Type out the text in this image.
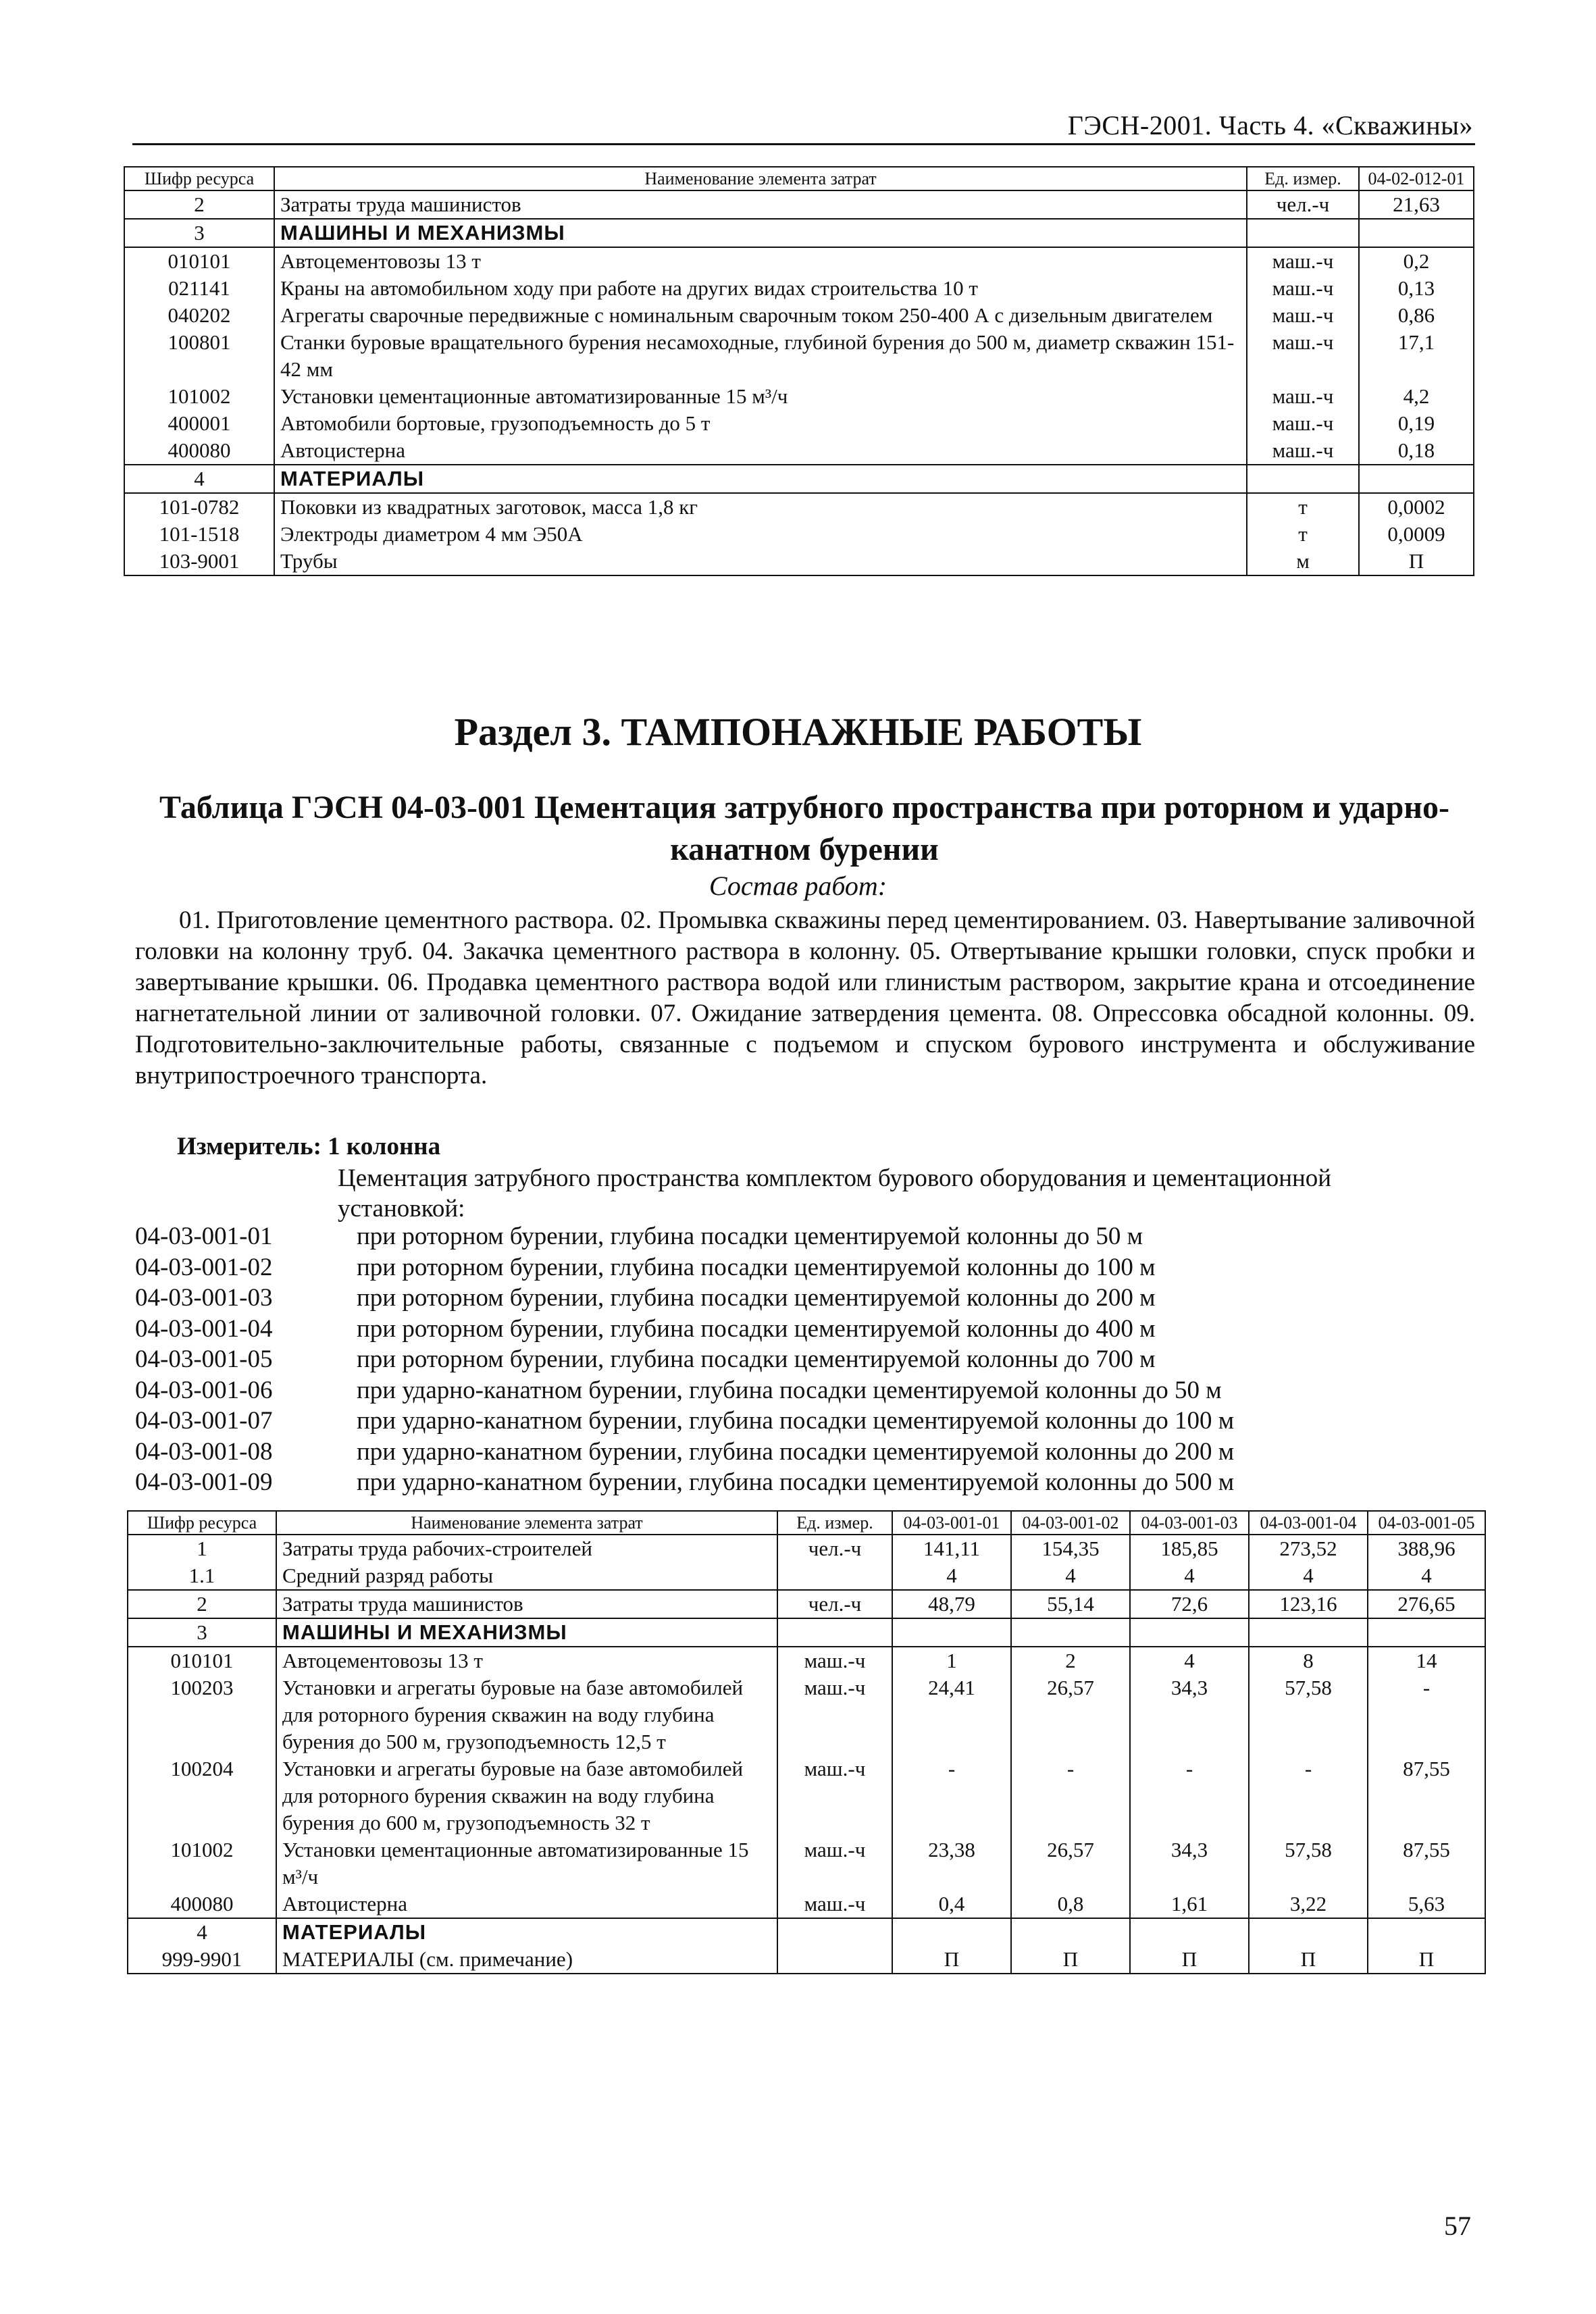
ГЭСН-2001. Часть 4. «Скважины»
Шифр ресурса	Наименование элемента затрат	Ед. измер.	04-02-012-01
2	Затраты труда машинистов	чел.-ч	21,63
3	МАШИНЫ И МЕХАНИЗМЫ		
010101	Автоцементовозы 13 т	маш.-ч	0,2
021141	Краны на автомобильном ходу при работе на других видах строительства 10 т	маш.-ч	0,13
040202	Агрегаты сварочные передвижные с номинальным сварочным током 250-400 А с дизельным двигателем	маш.-ч	0,86
100801	Станки буровые вращательного бурения несамоходные, глубиной бурения до 500 м, диаметр скважин 151-42 мм	маш.-ч	17,1
101002	Установки цементационные автоматизированные 15 м³/ч	маш.-ч	4,2
400001	Автомобили бортовые, грузоподъемность до 5 т	маш.-ч	0,19
400080	Автоцистерна	маш.-ч	0,18
4	МАТЕРИАЛЫ		
101-0782	Поковки из квадратных заготовок, масса 1,8 кг	т	0,0002
101-1518	Электроды диаметром 4 мм Э50А	т	0,0009
103-9001	Трубы	м	П
Раздел 3. ТАМПОНАЖНЫЕ РАБОТЫ
Таблица ГЭСН 04-03-001 Цементация затрубного пространства при роторном и ударно-канатном бурении
Состав работ:
01. Приготовление цементного раствора. 02. Промывка скважины перед цементированием. 03. Навертывание заливочной головки на колонну труб. 04. Закачка цементного раствора в колонну. 05. Отвертывание крышки головки, спуск пробки и завертывание крышки. 06. Продавка цементного раствора водой или глинистым раствором, закрытие крана и отсоединение нагнетательной линии от заливочной головки. 07. Ожидание затвердения цемента. 08. Опрессовка обсадной колонны. 09. Подготовительно-заключительные работы, связанные с подъемом и спуском бурового инструмента и обслуживание внутрипостроечного транспорта.
Измеритель: 1 колонна
Цементация затрубного пространства комплектом бурового оборудования и цементационной установкой:
04-03-001-01	при роторном бурении, глубина посадки цементируемой колонны до 50 м
04-03-001-02	при роторном бурении, глубина посадки цементируемой колонны до 100 м
04-03-001-03	при роторном бурении, глубина посадки цементируемой колонны до 200 м
04-03-001-04	при роторном бурении, глубина посадки цементируемой колонны до 400 м
04-03-001-05	при роторном бурении, глубина посадки цементируемой колонны до 700 м
04-03-001-06	при ударно-канатном бурении, глубина посадки цементируемой колонны до 50 м
04-03-001-07	при ударно-канатном бурении, глубина посадки цементируемой колонны до 100 м
04-03-001-08	при ударно-канатном бурении, глубина посадки цементируемой колонны до 200 м
04-03-001-09	при ударно-канатном бурении, глубина посадки цементируемой колонны до 500 м
Шифр ресурса	Наименование элемента затрат	Ед. измер.	04-03-001-01	04-03-001-02	04-03-001-03	04-03-001-04	04-03-001-05
1	Затраты труда рабочих-строителей	чел.-ч	141,11	154,35	185,85	273,52	388,96
1.1	Средний разряд работы		4	4	4	4	4
2	Затраты труда машинистов	чел.-ч	48,79	55,14	72,6	123,16	276,65
3	МАШИНЫ И МЕХАНИЗМЫ						
010101	Автоцементовозы 13 т	маш.-ч	1	2	4	8	14
100203	Установки и агрегаты буровые на базе автомобилей для роторного бурения скважин на воду глубина бурения до 500 м, грузоподъемность 12,5 т	маш.-ч	24,41	26,57	34,3	57,58	-
100204	Установки и агрегаты буровые на базе автомобилей для роторного бурения скважин на воду глубина бурения до 600 м, грузоподъемность 32 т	маш.-ч	-	-	-	-	87,55
101002	Установки цементационные автоматизированные 15 м³/ч	маш.-ч	23,38	26,57	34,3	57,58	87,55
400080	Автоцистерна	маш.-ч	0,4	0,8	1,61	3,22	5,63
4	МАТЕРИАЛЫ						
999-9901	МАТЕРИАЛЫ (см. примечание)		П	П	П	П	П
57
